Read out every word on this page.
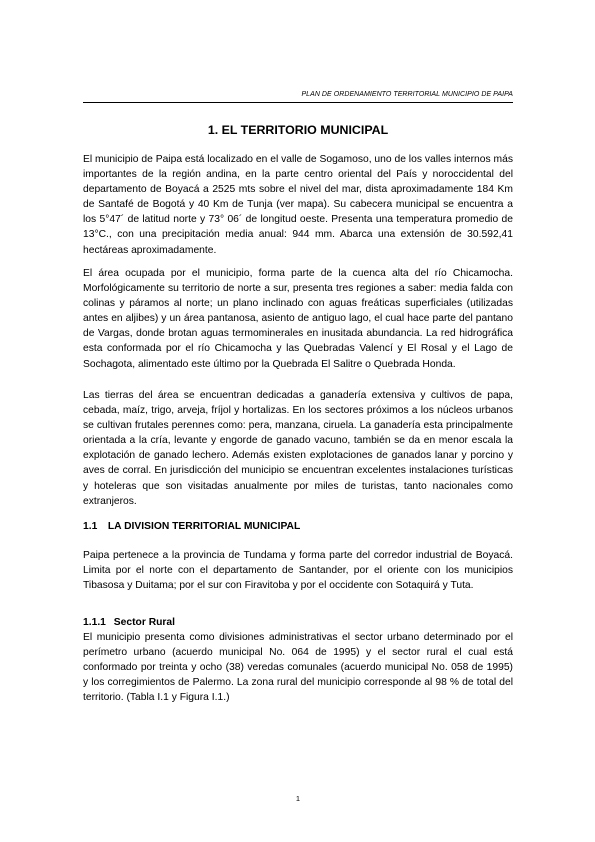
PLAN DE ORDENAMIENTO TERRITORIAL MUNICIPIO DE PAIPA
1. EL TERRITORIO MUNICIPAL

El municipio de Paipa está localizado en el valle de Sogamoso, uno de los valles internos más importantes de la región andina, en la parte centro oriental del País y noroccidental del departamento de Boyacá a 2525 mts sobre el nivel del mar, dista aproximadamente 184 Km de Santafé de Bogotá y 40 Km de Tunja (ver mapa). Su cabecera municipal se encuentra a los 5°47´ de latitud norte y 73° 06´ de longitud oeste. Presenta una temperatura promedio de 13°C., con una precipitación media anual: 944 mm. Abarca una extensión de 30.592,41 hectáreas aproximadamente.

El área ocupada por el municipio, forma parte de la cuenca alta del río Chicamocha. Morfológicamente su territorio de norte a sur, presenta tres regiones a saber: media falda con colinas y páramos al norte; un plano inclinado con aguas freáticas superficiales (utilizadas antes en aljibes) y un área pantanosa, asiento de antiguo lago, el cual hace parte del pantano de Vargas, donde brotan aguas termominerales en inusitada abundancia. La red hidrográfica esta conformada por el río Chicamocha y las Quebradas Valencí y El Rosal y el Lago de Sochagota, alimentado este último por la Quebrada El Salitre o Quebrada Honda.

Las tierras del área se encuentran dedicadas a ganadería extensiva y cultivos de papa, cebada, maíz, trigo, arveja, fríjol y hortalizas. En los sectores próximos a los núcleos urbanos se cultivan frutales perennes como: pera, manzana, ciruela. La ganadería esta principalmente orientada a la cría, levante y engorde de ganado vacuno, también se da en menor escala la explotación de ganado lechero. Además existen explotaciones de ganados lanar y porcino y aves de corral. En jurisdicción del municipio se encuentran excelentes instalaciones turísticas y hoteleras que son visitadas anualmente por miles de turistas, tanto nacionales como extranjeros.

1.1 LA DIVISION TERRITORIAL MUNICIPAL

Paipa pertenece a la provincia de Tundama y forma parte del corredor industrial de Boyacá. Limita por el norte con el departamento de Santander, por el oriente con los municipios Tibasosa y Duitama; por el sur con Firavitoba y por el occidente con Sotaquirá y Tuta.

1.1.1 Sector Rural

El municipio presenta como divisiones administrativas el sector urbano determinado por el perímetro urbano (acuerdo municipal No. 064 de 1995) y el sector rural el cual está conformado por treinta y ocho (38) veredas comunales (acuerdo municipal No. 058 de 1995) y los corregimientos de Palermo. La zona rural del municipio corresponde al 98 % de total del territorio. (Tabla I.1 y Figura I.1.)

1
